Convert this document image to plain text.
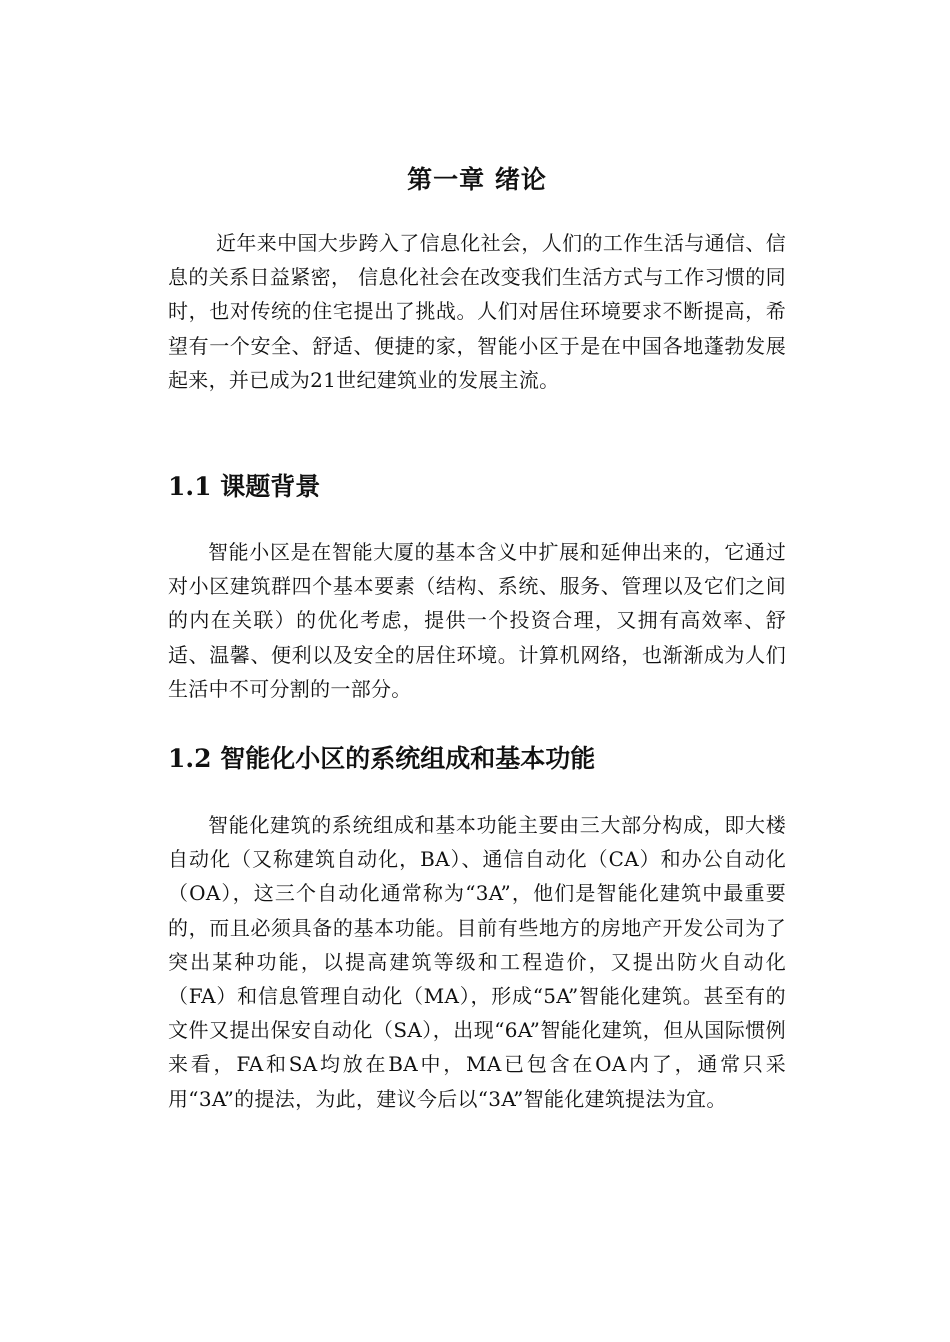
第一章 绪论

近年来中国大步跨入了信息化社会，人们的工作生活与通信、信息的关系日益紧密， 信息化社会在改变我们生活方式与工作习惯的同时，也对传统的住宅提出了挑战。人们对居住环境要求不断提高，希望有一个安全、舒适、便捷的家，智能小区于是在中国各地蓬勃发展起来，并已成为21世纪建筑业的发展主流。

1.1 课题背景

智能小区是在智能大厦的基本含义中扩展和延伸出来的，它通过对小区建筑群四个基本要素（结构、系统、服务、管理以及它们之间的内在关联）的优化考虑，提供一个投资合理，又拥有高效率、舒适、温馨、便利以及安全的居住环境。计算机网络，也渐渐成为人们生活中不可分割的一部分。

1.2 智能化小区的系统组成和基本功能

智能化建筑的系统组成和基本功能主要由三大部分构成，即大楼自动化（又称建筑自动化，BA）、通信自动化（CA）和办公自动化（OA），这三个自动化通常称为“3A”，他们是智能化建筑中最重要的，而且必须具备的基本功能。目前有些地方的房地产开发公司为了突出某种功能，以提高建筑等级和工程造价，又提出防火自动化（FA）和信息管理自动化（MA），形成“5A”智能化建筑。甚至有的文件又提出保安自动化（SA），出现“6A”智能化建筑，但从国际惯例来看，FA和SA均放在BA中，MA已包含在OA内了，通常只采用“3A”的提法，为此，建议今后以“3A”智能化建筑提法为宜。
